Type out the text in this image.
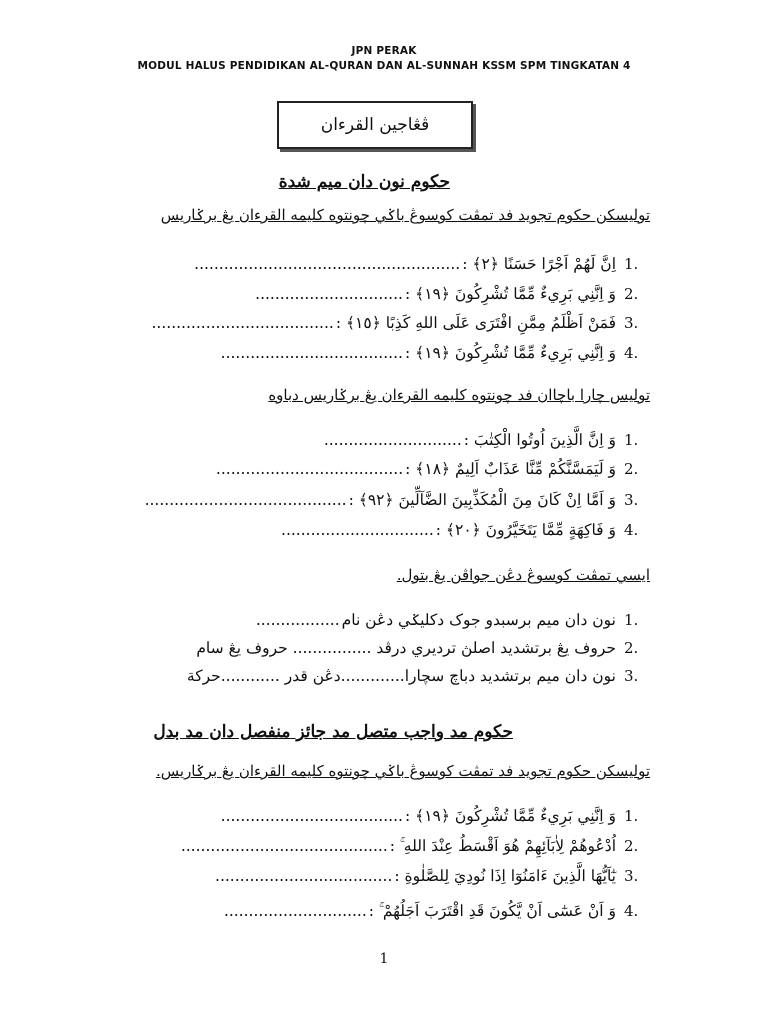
JPN PERAK
MODUL HALUS PENDIDIKAN AL-QURAN DAN AL-SUNNAH KSSM SPM TINGKATAN 4
ڤڠاجين القرءان
حکوم نون دان ميم شدة
توليسکن حکوم تجويد فد تمڤت کوسوڠ باݢي چونتوه کليمه القرءان يڠ برݢاريس
1.
اِنَّ لَهُمْ اَجْرًا حَسَنًا ﴿٢﴾ :
......................................................
2.
وَ اِنَّنِي بَرِيءٌ مِّمَّا تُشْرِكُونَ ﴿١٩﴾ :
..............................
3.
فَمَنْ اَظْلَمُ مِمَّنِ افْتَرَى عَلَى اللهِ كَذِبًا ﴿١٥﴾ :
.....................................
4.
وَ اِنَّنِي بَرِيءٌ مِّمَّا تُشْرِكُونَ ﴿١٩﴾ :
.....................................
توليس چارا باچاان فد چونتوه کليمه القرءان يڠ برݢاريس دباوه
1.
وَ اِنَّ الَّذِينَ اُوتُوا الْكِتٰبَ :
............................
2.
وَ لَيَمَسَّنَّكُمْ مِّنَّا عَذَابٌ اَلِيمٌ ﴿١٨﴾ :
......................................
3.
وَ اَمَّا اِنْ كَانَ مِنَ الْمُكَذِّبِينَ الضَّآلِّينَ ﴿٩٢﴾ :
.........................................
4.
وَ فَاكِهَةٍ مِّمَّا يَتَخَيَّرُونَ ﴿٢٠﴾ :
...............................
ايسي تمڤت کوسوڠ دڠن جواڤن يڠ بتول.
1.
نون دان ميم برسبدو جوک دکليݢي دڠن نام
.................
2.
حروف يڠ برتشديد اصلڽ ترديري درڤد ................ حروف يڠ سام
3.
نون دان ميم برتشديد دباچ سچارا.............دڠن قدر ............حرکة
حکوم مد واجب متصل مد جائز منفصل دان مد بدل
توليسکن حکوم تجويد فد تمڤت کوسوڠ باݢي چونتوه کليمه القرءان يڠ برݢاريس.
1.
وَ اِنَّنِي بَرِيءٌ مِّمَّا تُشْرِكُونَ ﴿١٩﴾ :
.....................................
2.
اُدْعُوهُمْ لِاٰبَآئِهِمْ هُوَ اَقْسَطُ عِنْدَ اللهِ ۚ :
..........................................
3.
يٰٓاَيُّهَا الَّذِينَ ءَامَنُوٓا اِذَا نُودِيَ لِلصَّلٰوةِ :
....................................
4.
وَ اَنْ عَسٰٓى اَنْ يَّكُونَ قَدِ اقْتَرَبَ اَجَلُهُمْ ۚ :
.............................
1
